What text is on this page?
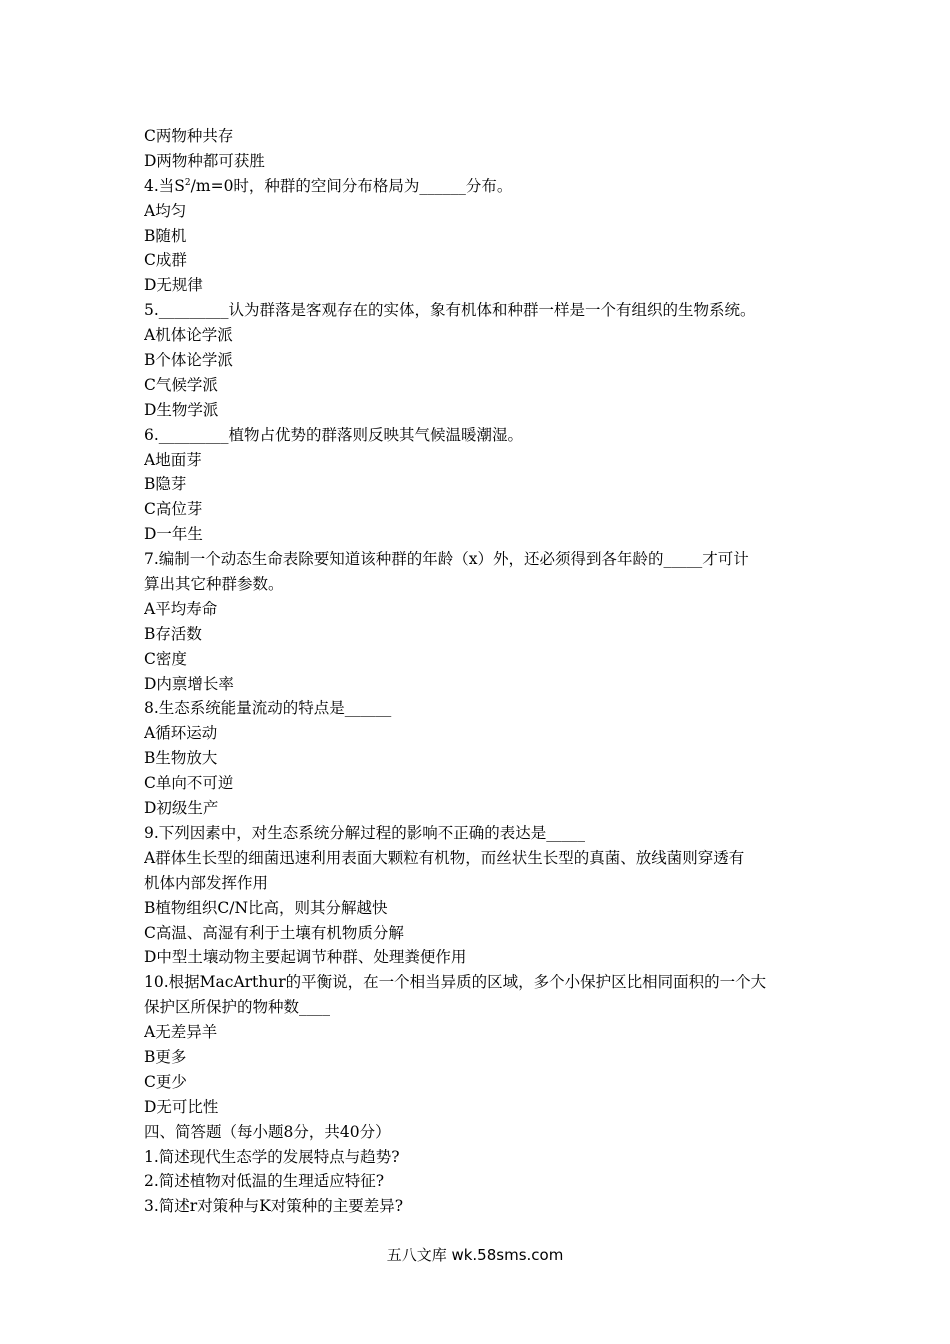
C两物种共存
D两物种都可获胜
4.当$S^2/m=0$时，种群的空间分布格局为______分布。
A均匀
B随机
C成群
D无规律
5._________认为群落是客观存在的实体，象有机体和种群一样是一个有组织的生物系统。
A机体论学派
B个体论学派
C气候学派
D生物学派
6._________植物占优势的群落则反映其气候温暖潮湿。
A地面芽
B隐芽
C高位芽
D一年生
7.编制一个动态生命表除要知道该种群的年龄（x）外，还必须得到各年龄的_____才可计
算出其它种群参数。
A平均寿命
B存活数
C密度
D内禀增长率
8.生态系统能量流动的特点是______
A循环运动
B生物放大
C单向不可逆
D初级生产
9.下列因素中，对生态系统分解过程的影响不正确的表达是_____
A群体生长型的细菌迅速利用表面大颗粒有机物，而丝状生长型的真菌、放线菌则穿透有
机体内部发挥作用
B植物组织C/N比高，则其分解越快
C高温、高湿有利于土壤有机物质分解
D中型土壤动物主要起调节种群、处理粪便作用
10.根据MacArthur的平衡说，在一个相当异质的区域，多个小保护区比相同面积的一个大
保护区所保护的物种数____
A无差异羊
B更多
C更少
D无可比性
四、简答题（每小题8分，共40分）
1.简述现代生态学的发展特点与趋势?
2.简述植物对低温的生理适应特征?
3.简述r对策种与K对策种的主要差异?
五八文库 wk.58sms.com
